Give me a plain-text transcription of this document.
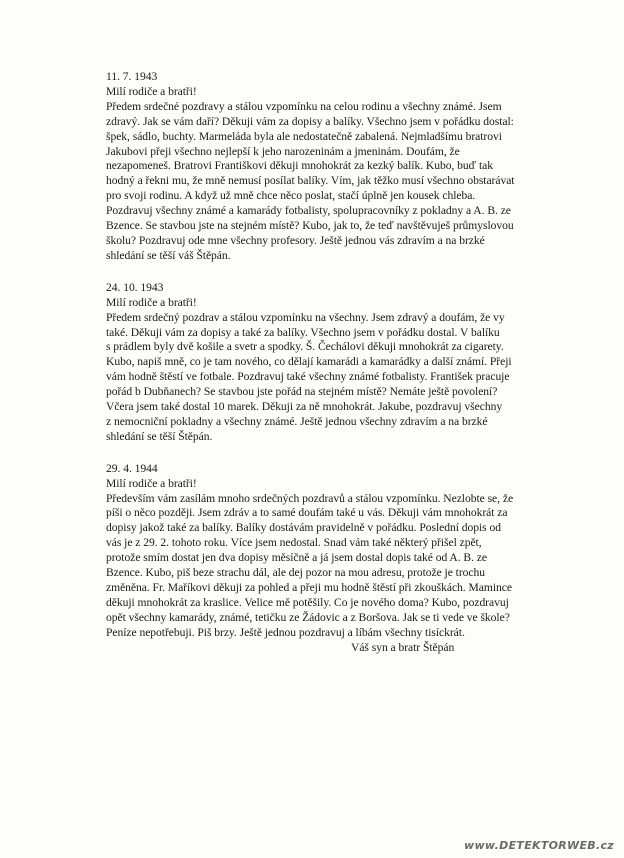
11. 7. 1943
Milí rodiče a bratři!
Předem srdečné pozdravy a stálou vzpomínku na celou rodinu a všechny známé. Jsem
zdravý. Jak se vám daří? Děkuji vám za dopisy a balíky. Všechno jsem v pořádku dostal:
špek, sádlo, buchty. Marmeláda byla ale nedostatečně zabalená. Nejmladšímu bratrovi
Jakubovi přeji všechno nejlepší k jeho narozeninám a jmeninám. Doufám, že
nezapomeneš. Bratrovi Františkovi děkuji mnohokrát za kezký balík. Kubo, buď tak
hodný a řekni mu, že mně nemusí posílat balíky. Vím, jak těžko musí všechno obstarávat
pro svoji rodinu. A když už mně chce něco poslat, stačí úplně jen kousek chleba.
Pozdravuj všechny známé a kamarády fotbalisty, spolupracovníky z pokladny a A. B. ze
Bzence. Se stavbou jste na stejném místě? Kubo, jak to, že teď navštěvuješ průmyslovou
školu? Pozdravuj ode mne všechny profesory. Ještě jednou vás zdravím a na brzké
shledání se těší váš Štěpán.
24. 10. 1943
Milí rodiče a bratři!
Předem srdečný pozdrav a stálou vzpomínku na všechny. Jsem zdravý a doufám, že vy
také. Děkuji vám za dopisy a také za balíky. Všechno jsem v pořádku dostal. V balíku
s prádlem byly dvě košile a svetr a spodky. Š. Čechálovi děkuji mnohokrát za cigarety.
Kubo, napiš mně, co je tam nového, co dělají kamarádi a kamarádky a další známí. Přeji
vám hodně štěstí ve fotbale. Pozdravuj také všechny známé fotbalisty. František pracuje
pořád b Dubňanech? Se stavbou jste pořád na stejném místě? Nemáte ještě povolení?
Včera jsem také dostal 10 marek. Děkuji za ně mnohokrát. Jakube, pozdravuj všechny
z nemocniční pokladny a všechny známé. Ještě jednou všechny zdravím a na brzké
shledání se těší Štěpán.
29. 4. 1944
Milí rodiče a bratři!
Především vám zasílám mnoho srdečných pozdravů a stálou vzpomínku. Nezlobte se, že
píši o něco později. Jsem zdráv a to samé doufám také u vás. Děkuji vám mnohokrát za
dopisy jakož také za balíky. Balíky dostávám pravidelně v pořádku. Poslední dopis od
vás je z 29. 2. tohoto roku. Více jsem nedostal. Snad vám také některý přišel zpět,
protože smím dostat jen dva dopisy měsíčně a já jsem dostal dopis také od A. B. ze
Bzence. Kubo, piš beze strachu dál, ale dej pozor na mou adresu, protože je trochu
změněna. Fr. Maříkovi děkuji za pohled a přeji mu hodně štěstí při zkouškách. Mamince
děkuji mnohokrát za kraslice. Velice mě potěšily. Co je nového doma? Kubo, pozdravuj
opět všechny kamarády, známé, tetičku ze Žádovic a z Boršova. Jak se ti vede ve škole?
Peníze nepotřebuji. Piš brzy. Ještě jednou pozdravuj a líbám všechny tisíckrát.
Váš syn a bratr Štěpán
www.DETEKTORWEB.cz
